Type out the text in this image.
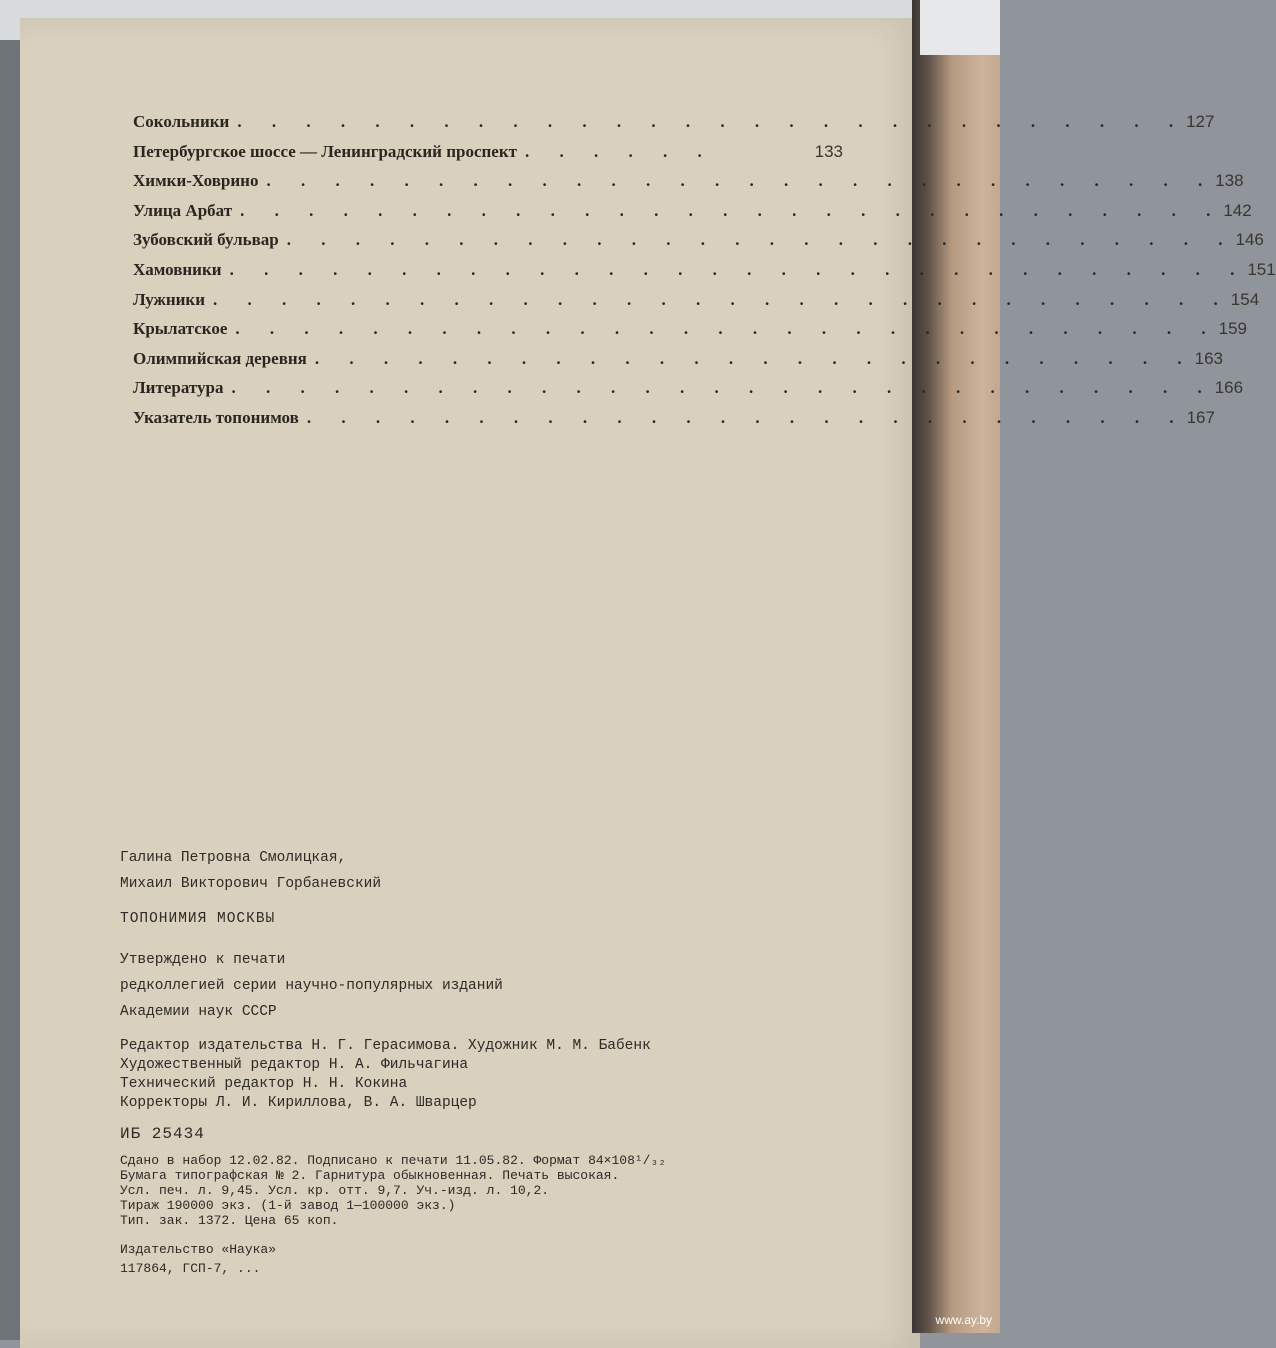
Сокольники . . . . . . . . . . . . . . . . . . . . . . . . . . . . 127
Петербургское шоссе — Ленинградский проспект . . . . . .	133
Химки-Ховрино . . . . . . . . . . . . . . . . . . . . . . . . . . . . 138
Улица Арбат . . . . . . . . . . . . . . . . . . . . . . . . . . . . . 142
Зубовский бульвар . . . . . . . . . . . . . . . . . . . . . . . . . . . . 146
Хамовники . . . . . . . . . . . . . . . . . . . . . . . . . . . . . . 151
Лужники . . . . . . . . . . . . . . . . . . . . . . . . . . . . . . 154
Крылатское . . . . . . . . . . . . . . . . . . . . . . . . . . . . . 159
Олимпийская деревня . . . . . . . . . . . . . . . . . . . . . . . . . . 163
Литература . . . . . . . . . . . . . . . . . . . . . . . . . . . . . 166
Указатель топонимов . . . . . . . . . . . . . . . . . . . . . . . . . . 167
Галина Петровна Смолицкая,
Михаил Викторович Горбаневский
ТОПОНИМИЯ МОСКВЫ
Утверждено к печати
редколлегией серии научно-популярных изданий
Академии наук СССР
Редактор издательства Н. Г. Герасимова. Художник М. М. Бабенк
Художественный редактор Н. А. Фильчагина
Технический редактор Н. Н. Кокина
Корректоры Л. И. Кириллова, В. А. Шварцер
ИБ 25434
Сдано в набор 12.02.82. Подписано к печати 11.05.82. Формат 84×108¹/₃₂
Бумага типографская № 2. Гарнитура обыкновенная. Печать высокая.
Усл. печ. л. 9,45. Усл. кр. отт. 9,7. Уч.-изд. л. 10,2.
Тираж 190000 экз. (1-й завод 1—100000 экз.)
Тип. зак. 1372. Цена 65 коп.
Издательство «Наука»
117864, ГСП-7, ...
www.ay.by
